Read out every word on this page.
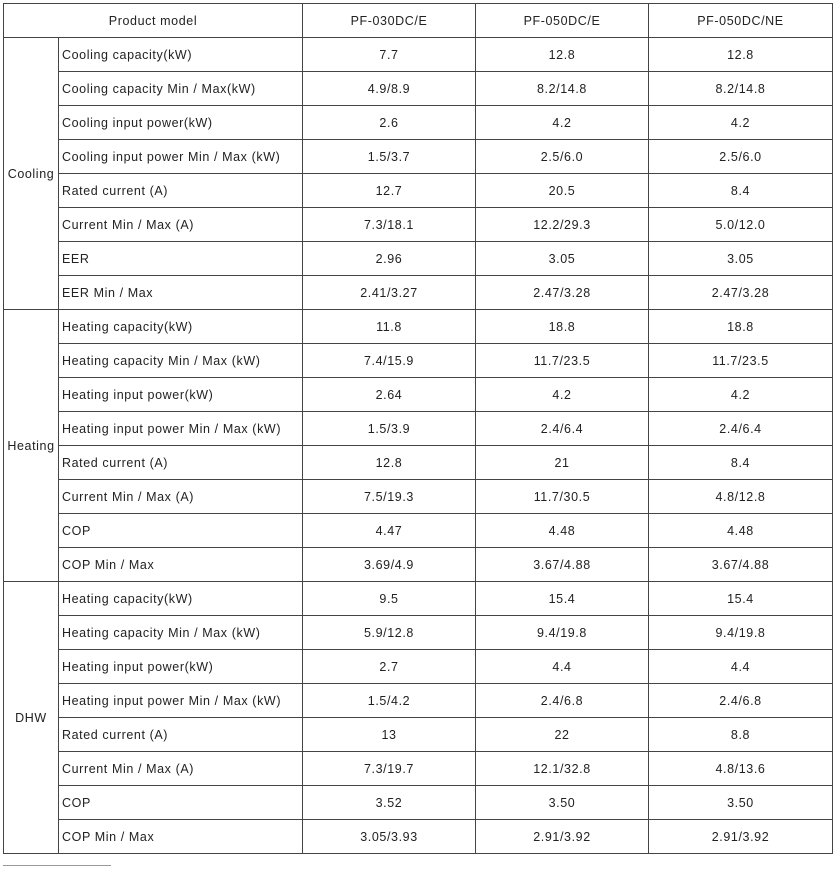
Product model		PF-030DC/E	PF-050DC/E	PF-050DC/NE
Cooling	Cooling capacity(kW)	7.7	12.8	12.8
	Cooling capacity Min / Max(kW)	4.9/8.9	8.2/14.8	8.2/14.8
	Cooling input power(kW)	2.6	4.2	4.2
	Cooling input power Min / Max (kW)	1.5/3.7	2.5/6.0	2.5/6.0
	Rated current (A)	12.7	20.5	8.4
	Current Min / Max (A)	7.3/18.1	12.2/29.3	5.0/12.0
	EER	2.96	3.05	3.05
	EER Min / Max	2.41/3.27	2.47/3.28	2.47/3.28
Heating	Heating capacity(kW)	11.8	18.8	18.8
	Heating capacity Min / Max (kW)	7.4/15.9	11.7/23.5	11.7/23.5
	Heating input power(kW)	2.64	4.2	4.2
	Heating input power Min / Max (kW)	1.5/3.9	2.4/6.4	2.4/6.4
	Rated current (A)	12.8	21	8.4
	Current Min / Max (A)	7.5/19.3	11.7/30.5	4.8/12.8
	COP	4.47	4.48	4.48
	COP Min / Max	3.69/4.9	3.67/4.88	3.67/4.88
DHW	Heating capacity(kW)	9.5	15.4	15.4
	Heating capacity Min / Max (kW)	5.9/12.8	9.4/19.8	9.4/19.8
	Heating input power(kW)	2.7	4.4	4.4
	Heating input power Min / Max (kW)	1.5/4.2	2.4/6.8	2.4/6.8
	Rated current (A)	13	22	8.8
	Current Min / Max (A)	7.3/19.7	12.1/32.8	4.8/13.6
	COP	3.52	3.50	3.50
	COP Min / Max	3.05/3.93	2.91/3.92	2.91/3.92
